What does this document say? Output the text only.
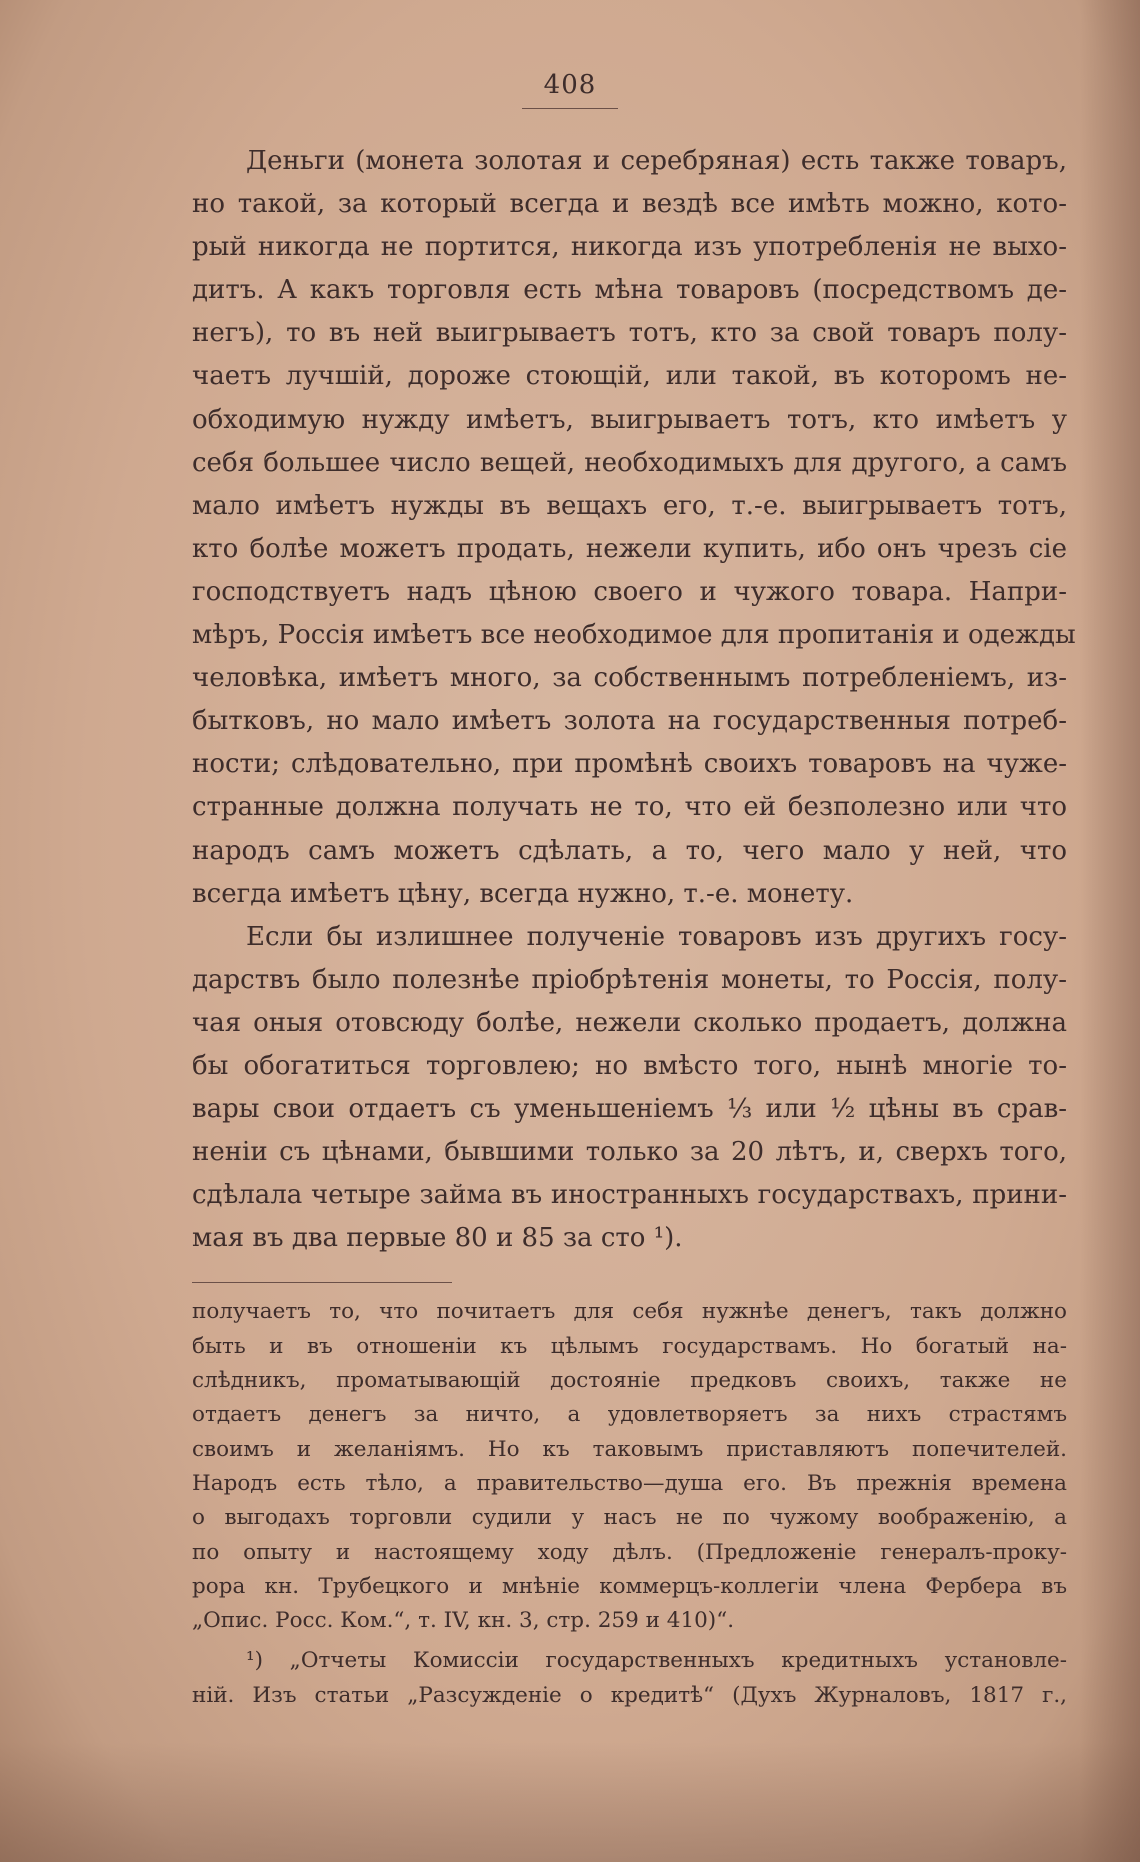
408
Деньги (монета золотая и серебряная) есть также товаръ,
но такой, за который всегда и вездѣ все имѣть можно, кото-
рый никогда не портится, никогда изъ употребленія не выхо-
дитъ. А какъ торговля есть мѣна товаровъ (посредствомъ де-
негъ), то въ ней выигрываетъ тотъ, кто за свой товаръ полу-
чаетъ лучшій, дороже стоющій, или такой, въ которомъ не-
обходимую нужду имѣетъ, выигрываетъ тотъ, кто имѣетъ у
себя большее число вещей, необходимыхъ для другого, а самъ
мало имѣетъ нужды въ вещахъ его, т.-е. выигрываетъ тотъ,
кто болѣе можетъ продать, нежели купить, ибо онъ чрезъ сіе
господствуетъ надъ цѣною своего и чужого товара. Напри-
мѣръ, Россія имѣетъ все необходимое для пропитанія и одежды
человѣка, имѣетъ много, за собственнымъ потребленіемъ, из-
бытковъ, но мало имѣетъ золота на государственныя потреб-
ности; слѣдовательно, при промѣнѣ своихъ товаровъ на чуже-
странные должна получать не то, что ей безполезно или что
народъ самъ можетъ сдѣлать, а то, чего мало у ней, что
всегда имѣетъ цѣну, всегда нужно, т.-е. монету.
Если бы излишнее полученіе товаровъ изъ другихъ госу-
дарствъ было полезнѣе пріобрѣтенія монеты, то Россія, полу-
чая оныя отовсюду болѣе, нежели сколько продаетъ, должна
бы обогатиться торговлею; но вмѣсто того, нынѣ многіе то-
вары свои отдаетъ съ уменьшеніемъ ⅓ или ½ цѣны въ срав-
неніи съ цѣнами, бывшими только за 20 лѣтъ, и, сверхъ того,
сдѣлала четыре займа въ иностранныхъ государствахъ, прини-
мая въ два первые 80 и 85 за сто ¹).
получаетъ то, что почитаетъ для себя нужнѣе денегъ, такъ должно
быть и въ отношеніи къ цѣлымъ государствамъ. Но богатый на-
слѣдникъ, проматывающій достояніе предковъ своихъ, также не
отдаетъ денегъ за ничто, а удовлетворяетъ за нихъ страстямъ
своимъ и желаніямъ. Но къ таковымъ приставляютъ попечителей.
Народъ есть тѣло, а правительство—душа его. Въ прежнія времена
о выгодахъ торговли судили у насъ не по чужому воображенію, а
по опыту и настоящему ходу дѣлъ. (Предложеніе генералъ-проку-
рора кн. Трубецкого и мнѣніе коммерцъ-коллегіи члена Фербера въ
„Опис. Росс. Ком.“, т. IV, кн. 3, стр. 259 и 410)“.
¹) „Отчеты Комиссіи государственныхъ кредитныхъ установле-
ній. Изъ статьи „Разсужденіе о кредитѣ“ (Духъ Журналовъ, 1817 г.,
